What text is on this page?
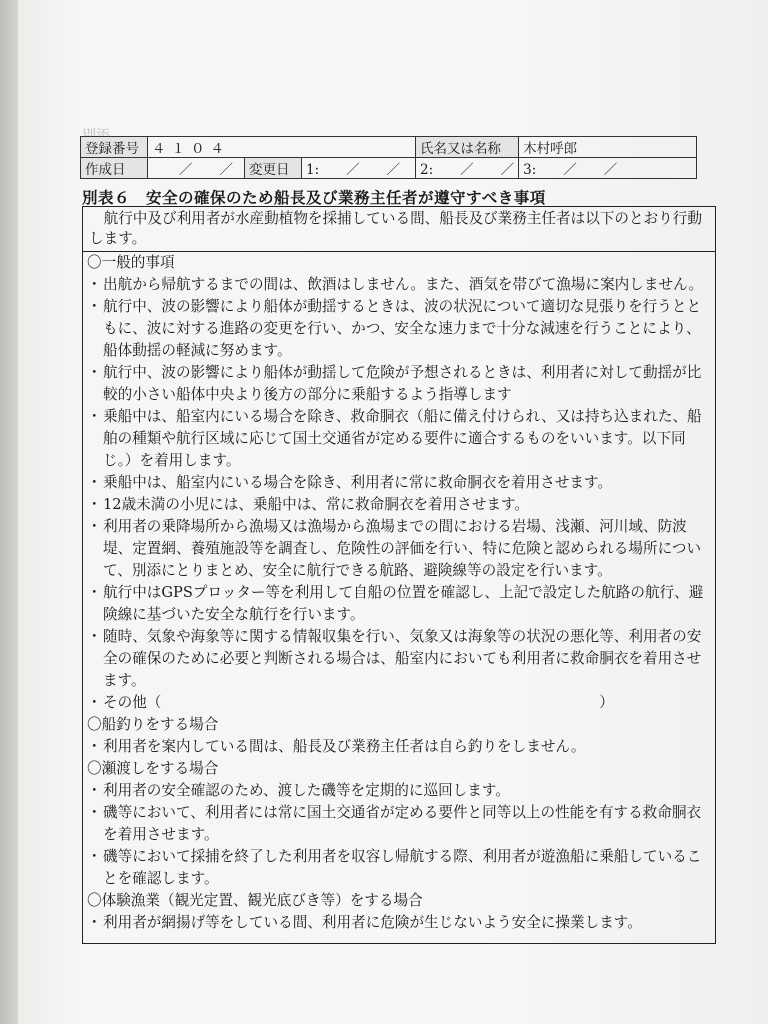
登録番号	４１０４			氏名又は名称	木村呼郎
作成日	　　／　　／	変更日	1:　　／　　／	2:　　／　　／	3:　　／　　／
別表６　安全の確保のため船長及び業務主任者が遵守すべき事項
航行中及び利用者が水産動植物を採捕している間、船長及び業務主任者は以下のとおり行動します。
〇一般的事項
・ 出航から帰航するまでの間は、飲酒はしません。また、酒気を帯びて漁場に案内しません。
・ 航行中、波の影響により船体が動揺するときは、波の状況について適切な見張りを行うとともに、波に対する進路の変更を行い、かつ、安全な速力まで十分な減速を行うことにより、船体動揺の軽減に努めます。
・ 航行中、波の影響により船体が動揺して危険が予想されるときは、利用者に対して動揺が比較的小さい船体中央より後方の部分に乗船するよう指導します
・ 乗船中は、船室内にいる場合を除き、救命胴衣（船に備え付けられ、又は持ち込まれた、船舶の種類や航行区域に応じて国土交通省が定める要件に適合するものをいいます。以下同じ。）を着用します。
・ 乗船中は、船室内にいる場合を除き、利用者に常に救命胴衣を着用させます。
・ 12歳未満の小児には、乗船中は、常に救命胴衣を着用させます。
・ 利用者の乗降場所から漁場又は漁場から漁場までの間における岩場、浅瀬、河川域、防波堤、定置網、養殖施設等を調査し、危険性の評価を行い、特に危険と認められる場所について、別添にとりまとめ、安全に航行できる航路、避険線等の設定を行います。
・ 航行中はGPSプロッター等を利用して自船の位置を確認し、上記で設定した航路の航行、避険線に基づいた安全な航行を行います。
・ 随時、気象や海象等に関する情報収集を行い、気象又は海象等の状況の悪化等、利用者の安全の確保のために必要と判断される場合は、船室内においても利用者に救命胴衣を着用させます。
・ その他（　　　　　　　　　　　　　　　　　　　　　　　　　　　　　　）
〇船釣りをする場合
・ 利用者を案内している間は、船長及び業務主任者は自ら釣りをしません。
〇瀬渡しをする場合
・ 利用者の安全確認のため、渡した磯等を定期的に巡回します。
・ 磯等において、利用者には常に国土交通省が定める要件と同等以上の性能を有する救命胴衣を着用させます。
・ 磯等において採捕を終了した利用者を収容し帰航する際、利用者が遊漁船に乗船していることを確認します。
〇体験漁業（観光定置、観光底びき等）をする場合
・ 利用者が網揚げ等をしている間、利用者に危険が生じないよう安全に操業します。
